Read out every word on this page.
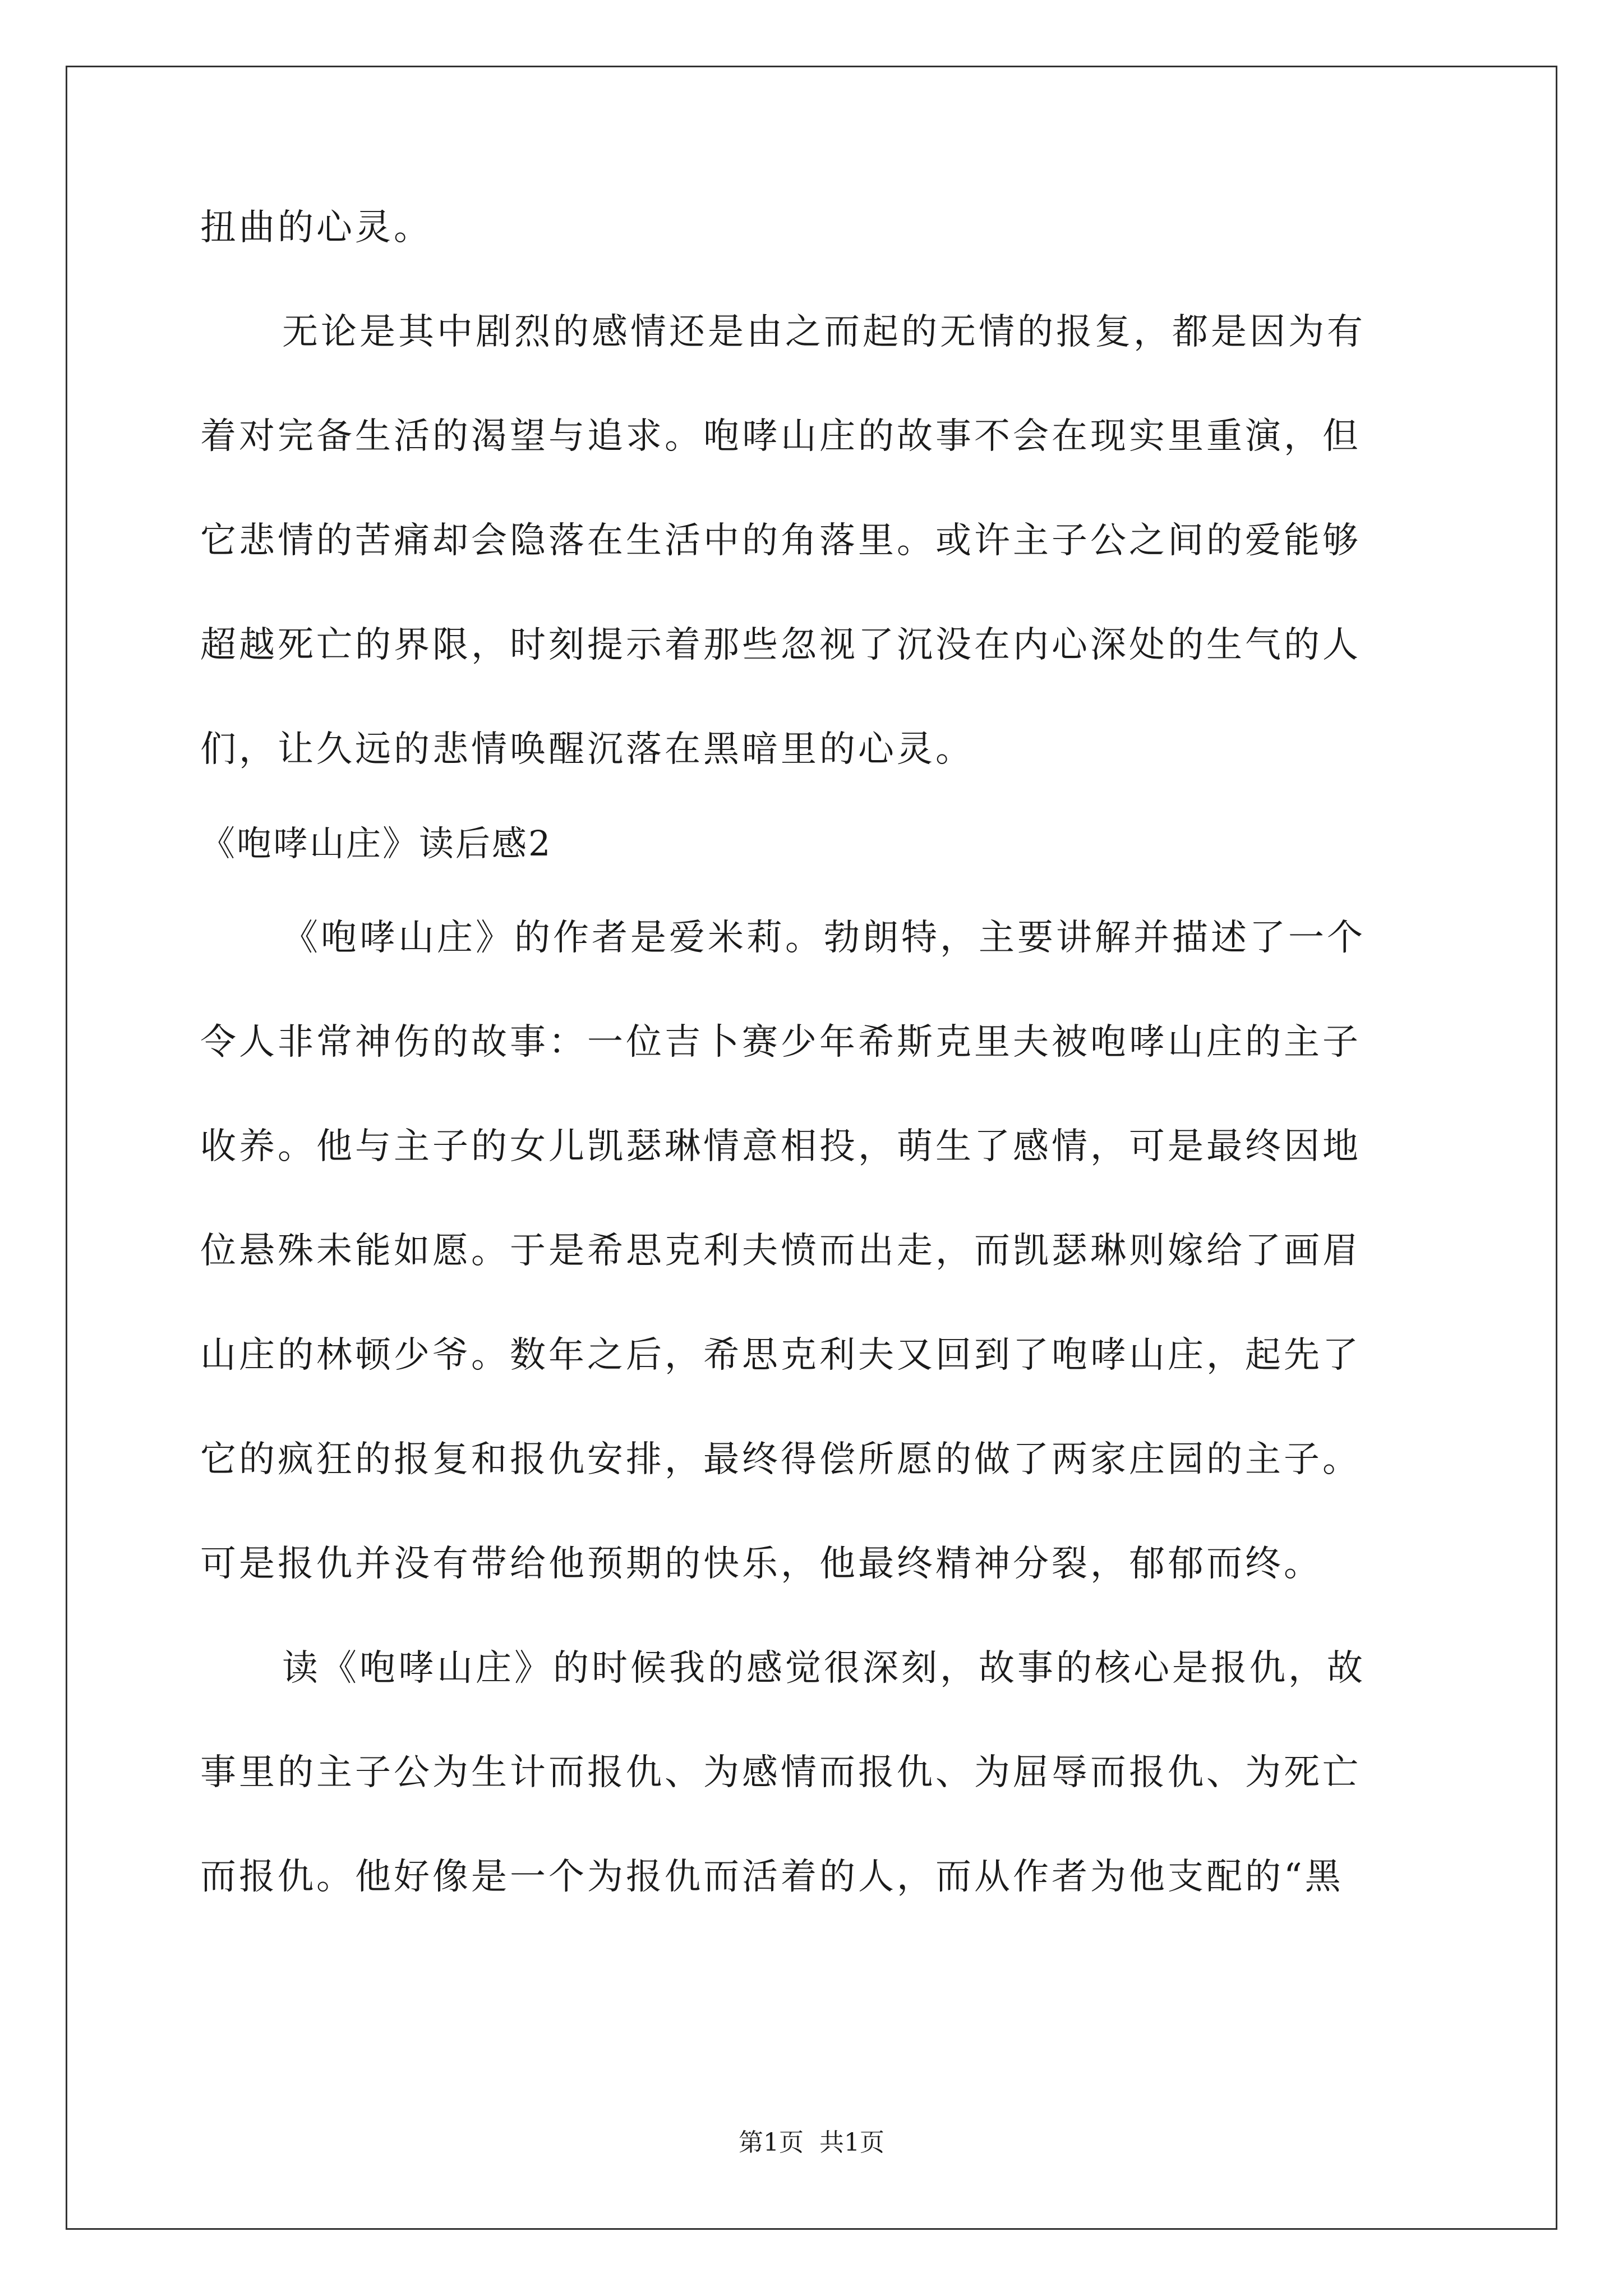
扭曲的心灵。

无论是其中剧烈的感情还是由之而起的无情的报复，都是因为有

着对完备生活的渴望与追求。咆哮山庄的故事不会在现实里重演，但

它悲情的苦痛却会隐落在生活中的角落里。或许主子公之间的爱能够

超越死亡的界限，时刻提示着那些忽视了沉没在内心深处的生气的人

们，让久远的悲情唤醒沉落在黑暗里的心灵。

《咆哮山庄》读后感2

《咆哮山庄》的作者是爱米莉。勃朗特，主要讲解并描述了一个

令人非常神伤的故事：一位吉卜赛少年希斯克里夫被咆哮山庄的主子

收养。他与主子的女儿凯瑟琳情意相投，萌生了感情，可是最终因地

位悬殊未能如愿。于是希思克利夫愤而出走，而凯瑟琳则嫁给了画眉

山庄的林顿少爷。数年之后，希思克利夫又回到了咆哮山庄，起先了

它的疯狂的报复和报仇安排，最终得偿所愿的做了两家庄园的主子。

可是报仇并没有带给他预期的快乐，他最终精神分裂，郁郁而终。

读《咆哮山庄》的时候我的感觉很深刻，故事的核心是报仇，故

事里的主子公为生计而报仇、为感情而报仇、为屈辱而报仇、为死亡

而报仇。他好像是一个为报仇而活着的人，而从作者为他支配的“黑

第1页 共1页
